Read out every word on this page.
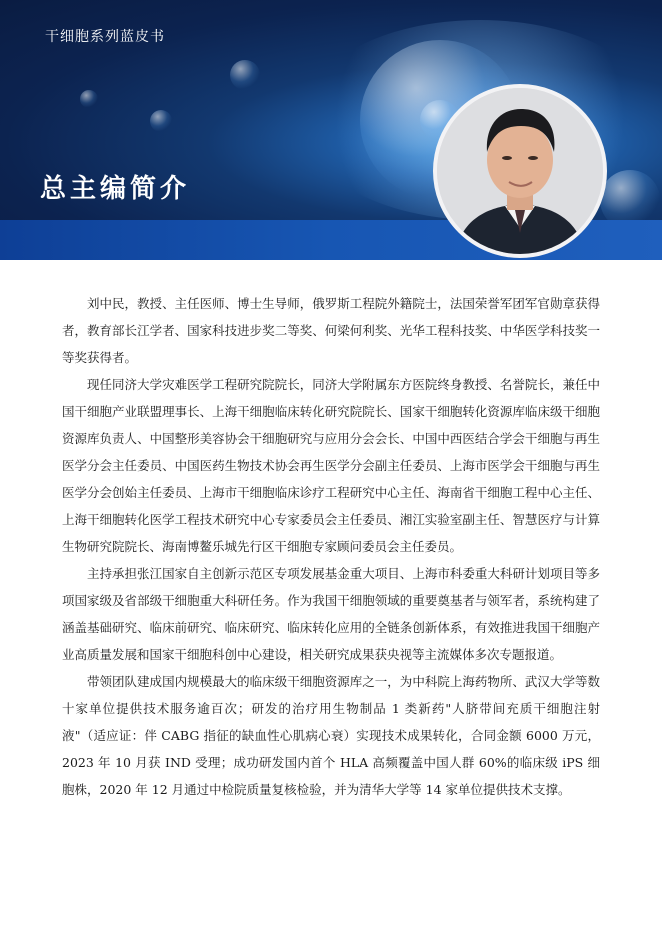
干细胞系列蓝皮书
总主编简介

刘中民，教授、主任医师、博士生导师，俄罗斯工程院外籍院士，法国荣誉军团军官勋章获得者，教育部长江学者、国家科技进步奖二等奖、何梁何利奖、光华工程科技奖、中华医学科技奖一等奖获得者。

现任同济大学灾难医学工程研究院院长，同济大学附属东方医院终身教授、名誉院长，兼任中国干细胞产业联盟理事长、上海干细胞临床转化研究院院长、国家干细胞转化资源库临床级干细胞资源库负责人、中国整形美容协会干细胞研究与应用分会会长、中国中西医结合学会干细胞与再生医学分会主任委员、中国医药生物技术协会再生医学分会副主任委员、上海市医学会干细胞与再生医学分会创始主任委员、上海市干细胞临床诊疗工程研究中心主任、海南省干细胞工程中心主任、上海干细胞转化医学工程技术研究中心专家委员会主任委员、湘江实验室副主任、智慧医疗与计算生物研究院院长、海南博鳌乐城先行区干细胞专家顾问委员会主任委员。

主持承担张江国家自主创新示范区专项发展基金重大项目、上海市科委重大科研计划项目等多项国家级及省部级干细胞重大科研任务。作为我国干细胞领域的重要奠基者与领军者，系统构建了涵盖基础研究、临床前研究、临床研究、临床转化应用的全链条创新体系，有效推进我国干细胞产业高质量发展和国家干细胞科创中心建设，相关研究成果获央视等主流媒体多次专题报道。

带领团队建成国内规模最大的临床级干细胞资源库之一，为中科院上海药物所、武汉大学等数十家单位提供技术服务逾百次；研发的治疗用生物制品 1 类新药"人脐带间充质干细胞注射液"（适应证：伴 CABG 指征的缺血性心肌病心衰）实现技术成果转化，合同金额 6000 万元，2023 年 10 月获 IND 受理；成功研发国内首个 HLA 高频覆盖中国人群 60%的临床级 iPS 细胞株，2020 年 12 月通过中检院质量复核检验，并为清华大学等 14 家单位提供技术支撑。
